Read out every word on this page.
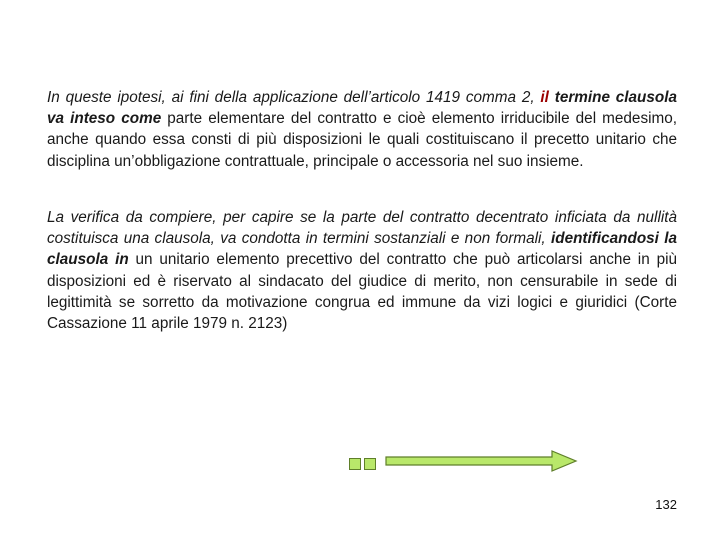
In queste ipotesi, ai fini della applicazione dell’articolo 1419 comma 2, il termine clausola va inteso come parte elementare del contratto e cioè elemento irriducibile del medesimo, anche quando essa consti di più disposizioni le quali costituiscano il precetto unitario che disciplina un’obbligazione contrattuale, principale o accessoria nel suo insieme.

La verifica da compiere, per capire se la parte del contratto decentrato inficiata da nullità costituisca una clausola, va condotta in termini sostanziali e non formali, identificandosi la clausola in un unitario elemento precettivo del contratto che può articolarsi anche in più disposizioni ed è riservato al sindacato del giudice di merito, non censurabile in sede di legittimità se sorretto da motivazione congrua ed immune da vizi logici e giuridici (Corte Cassazione 11 aprile 1979 n. 2123)

132
